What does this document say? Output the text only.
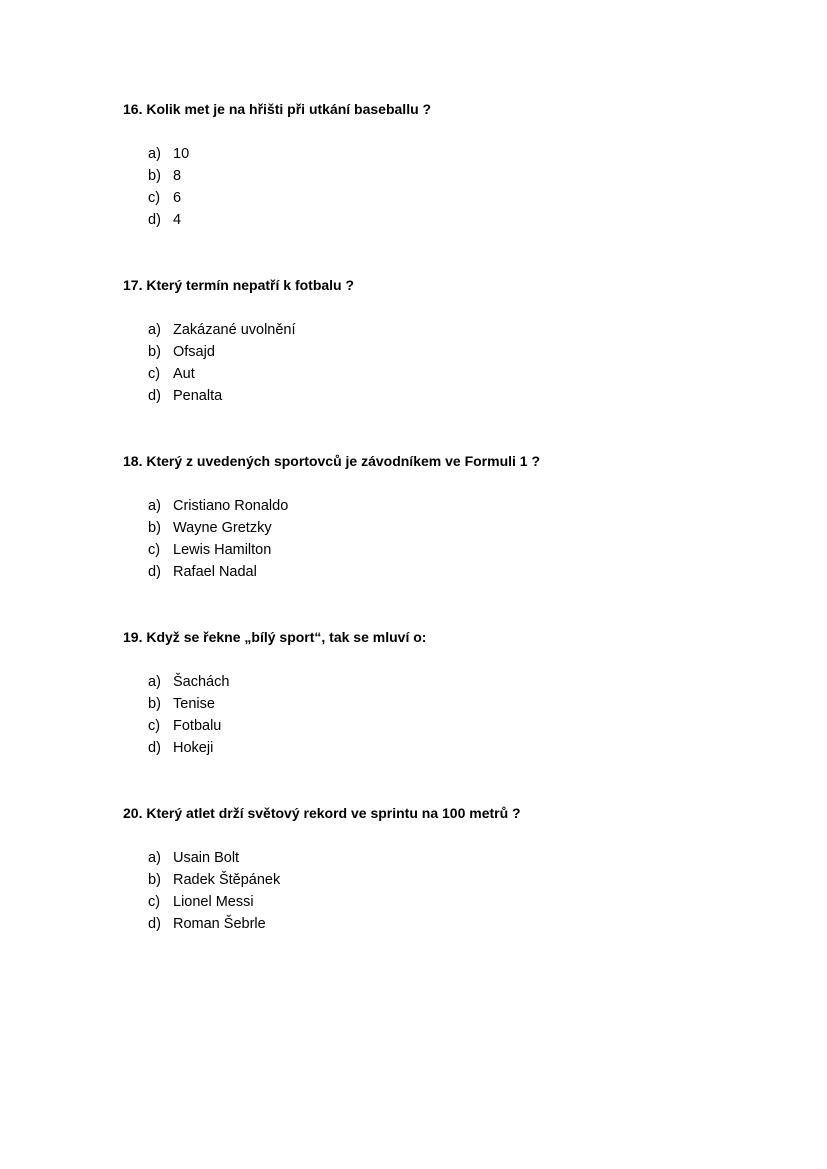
16. Kolik met je na hřišti při utkání baseballu ?

a) 10
b) 8
c) 6
d) 4

17. Který termín nepatří k fotbalu ?

a) Zakázané uvolnění
b) Ofsajd
c) Aut
d) Penalta

18. Který z uvedených sportovců je závodníkem ve Formuli 1 ?

a) Cristiano Ronaldo
b) Wayne Gretzky
c) Lewis Hamilton
d) Rafael Nadal

19. Když se řekne „bílý sport“, tak se mluví o:

a) Šachách
b) Tenise
c) Fotbalu
d) Hokeji

20. Který atlet drží světový rekord ve sprintu na 100 metrů ?

a) Usain Bolt
b) Radek Štěpánek
c) Lionel Messi
d) Roman Šebrle
